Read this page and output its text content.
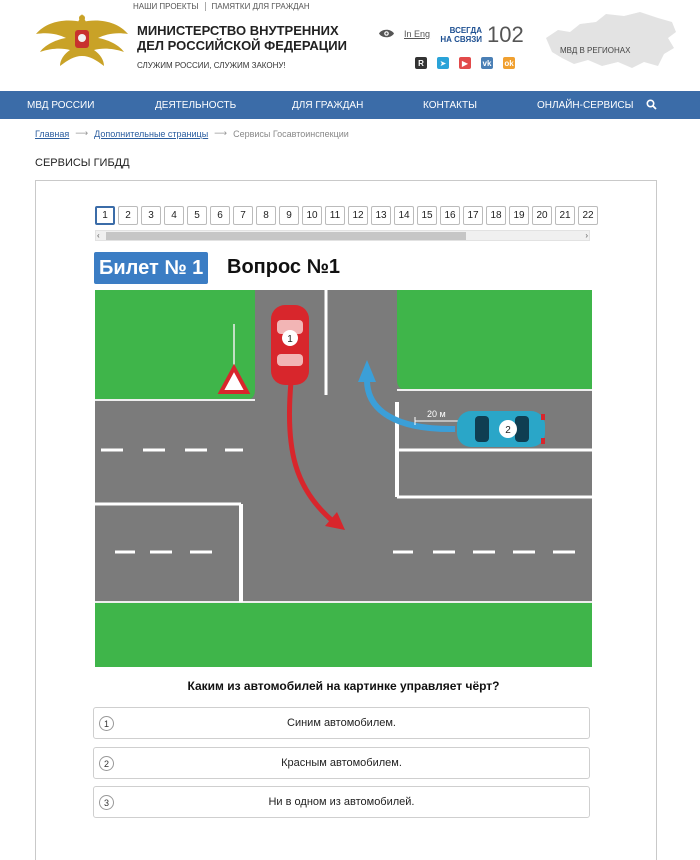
НАШИ ПРОЕКТЫ	ПАМЯТКИ ДЛЯ ГРАЖДАН
МИНИСТЕРСТВО ВНУТРЕННИХ ДЕЛ РОССИЙСКОЙ ФЕДЕРАЦИИ
СЛУЖИМ РОССИИ, СЛУЖИМ ЗАКОНУ!
In Eng	ВСЕГДА
НА СВЯЗИ 102
R ➤ ▶ vk ok
МВД В РЕГИОНАХ
МВД РОССИИ	ДЕЯТЕЛЬНОСТЬ	ДЛЯ ГРАЖДАН	КОНТАКТЫ	ОНЛАЙН-СЕРВИСЫ
Главная ⟶ Дополнительные страницы ⟶ Сервисы Госавтоинспекции
СЕРВИСЫ ГИБДД
1	2	3	4	5	6	7	8	9	10	11	12	13	14	15	16	17	18	19	20	21	22
‹	›
Билет № 1 Вопрос №1
20 м
1
2
Каким из автомобилей на картинке управляет чёрт?
1	Синим автомобилем.
2	Красным автомобилем.
3	Ни в одном из автомобилей.
